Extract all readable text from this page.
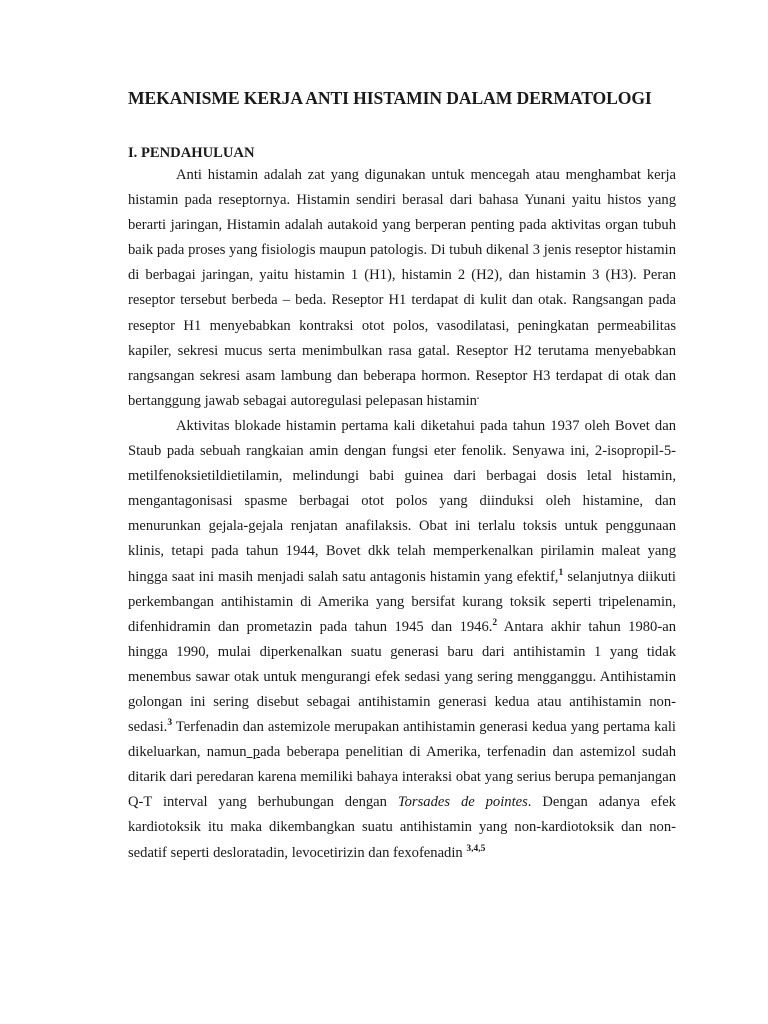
MEKANISME KERJA ANTI HISTAMIN DALAM DERMATOLOGI
I. PENDAHULUAN

Anti histamin adalah zat yang digunakan untuk mencegah atau menghambat kerja histamin pada reseptornya. Histamin sendiri berasal dari bahasa Yunani yaitu histos yang berarti jaringan, Histamin adalah autakoid yang berperan penting pada aktivitas organ tubuh baik pada proses yang fisiologis maupun patologis. Di tubuh dikenal 3 jenis reseptor histamin di berbagai jaringan, yaitu histamin 1 (H1), histamin 2 (H2), dan histamin 3 (H3). Peran reseptor tersebut berbeda – beda. Reseptor H1 terdapat di kulit dan otak. Rangsangan pada reseptor H1 menyebabkan kontraksi otot polos, vasodilatasi, peningkatan permeabilitas kapiler, sekresi mucus serta menimbulkan rasa gatal. Reseptor H2 terutama menyebabkan rangsangan sekresi asam lambung dan beberapa hormon. Reseptor H3 terdapat di otak dan bertanggung jawab sebagai autoregulasi pelepasan histamin.

Aktivitas blokade histamin pertama kali diketahui pada tahun 1937 oleh Bovet dan Staub pada sebuah rangkaian amin dengan fungsi eter fenolik. Senyawa ini, 2-isopropil-5-metilfenoksietildietilamin, melindungi babi guinea dari berbagai dosis letal histamin, mengantagonisasi spasme berbagai otot polos yang diinduksi oleh histamine, dan menurunkan gejala-gejala renjatan anafilaksis. Obat ini terlalu toksis untuk penggunaan klinis, tetapi pada tahun 1944, Bovet dkk telah memperkenalkan pirilamin maleat yang hingga saat ini masih menjadi salah satu antagonis histamin yang efektif,$^1$ selanjutnya diikuti perkembangan antihistamin di Amerika yang bersifat kurang toksik seperti tripelenamin, difenhidramin dan prometazin pada tahun 1945 dan 1946.$^2$ Antara akhir tahun 1980-an hingga 1990, mulai diperkenalkan suatu generasi baru dari antihistamin 1 yang tidak menembus sawar otak untuk mengurangi efek sedasi yang sering mengganggu. Antihistamin golongan ini sering disebut sebagai antihistamin generasi kedua atau antihistamin non-sedasi.$^3$ Terfenadin dan astemizole merupakan antihistamin generasi kedua yang pertama kali dikeluarkan, namun pada beberapa penelitian di Amerika, terfenadin dan astemizol sudah ditarik dari peredaran karena memiliki bahaya interaksi obat yang serius berupa pemanjangan Q-T interval yang berhubungan dengan Torsades de pointes. Dengan adanya efek kardiotoksik itu maka dikembangkan suatu antihistamin yang non-kardiotoksik dan non-sedatif seperti desloratadin, levocetirizin dan fexofenadin $^{3,4,5}$
